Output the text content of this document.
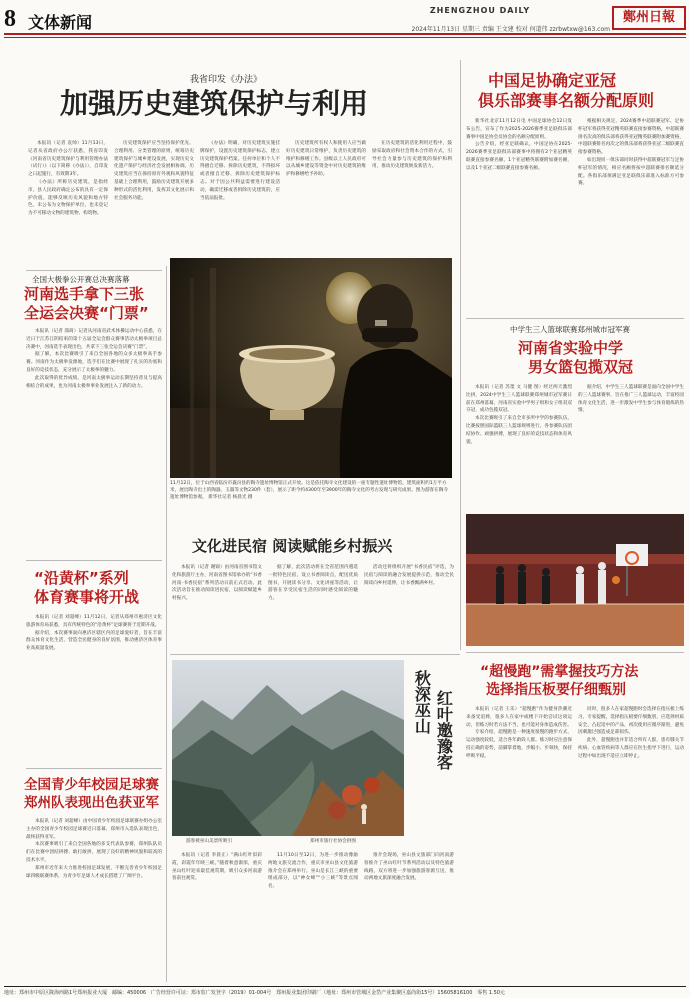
8 文体新闻
ZHENGZHOU DAILY	鄭州日報
2024年11月13日 星期三 责编 王文建 校对 何道伟 zzrbwtxw@163.com
我省印发《办法》
加强历史建筑保护与利用

本报讯（记者 袁帅）11月13日，记者从省政府办公厅获悉，我省印发《河南省历史建筑保护与利用管理办法（试行）》（以下简称《办法》），自印发之日起施行，有效期3年。

《办法》所称历史建筑，是指经市、县人民政府确定公布的具有一定保护价值，能够反映历史风貌和地方特色，未公布为文物保护单位，也未登记为不可移动文物的建筑物、构筑物。

历史建筑保护应当坚持保护优先、合理利用、分类管理的原则，统筹历史建筑保护与城乡建设发展，实现历史文化遗产保护与经济社会发展相协调。历史建筑应当在保持原有外观和风貌特征基础上合理利用，鼓励历史建筑开展多种形式的活化利用，发挥其文化展示和社会服务功能。

《办法》明确，对历史建筑实施挂牌保护，设置历史建筑保护标志，建立历史建筑保护档案。任何单位和个人不得擅自迁移、拆除历史建筑，不得损坏或者擅自迁移、拆除历史建筑保护标志。对于因公共利益需要进行建设活动，确需迁移或者拆除历史建筑的，应当依法报批。

历史建筑所有权人和使用人应当做好历史建筑日常维护，负责历史建筑的维护和修缮工作。县级以上人民政府可以从城乡建设等资金中对历史建筑的维护和修缮给予补助。

在历史建筑的活化利用过程中，鼓励采取政府和社会资本合作的方式，引导社会力量参与历史建筑的保护和利用，推动历史建筑焕发新活力。

11月12日，位于山西省临汾市襄汾县的陶寺遗址博物馆正式开放。这是依托陶寺文化建设的一座专题性遗址博物馆，建筑面积约1万平方米，展出陶寺出土的陶器、玉器等文物230件（套），展示了距今约4300年至3900年的陶寺文化的考古发现与研究成果。图为游客在陶寺遗址博物馆参观。 新华社记者 杨晨光 摄
全国大极拳公开赛总决赛落幕
河南选手拿下三张
全运会决赛“门票”

本报讯（记者 邵商）记者从河南省武术体操运动中心获悉，在近日于江苏江阴结束的第十五届全运会群众赛事活动太极拳项目总决赛中，河南选手表现出色，共拿下三张全运会决赛“门票”。

据了解，本次比赛吸引了来自全国各地的众多太极拳高手参赛。河南作为太极拳发源地，选手们在比赛中展现了扎实的功底和良好的竞技状态，充分展示了太极拳的魅力。

此次取得的优异成绩，是河南太极拳运动长期坚持普及与提高相结合的成果，也为河南太极拳事业发展注入了新的动力。

“沿黄杯”系列
体育赛事将开战

本报讯（记者 刘超峰）11月12日，记者从郑州市惠济区文化旅游体育局获悉，具有传统特色的“沿黄杯”足球赛将于近期开战。

据介绍，本次赛事面向惠济区辖区内的足球爱好者，旨在丰富群众体育文化生活，营造全民健身的良好氛围，推动惠济区体育事业高质量发展。

全国青少年校园足球赛
郑州队表现出色获亚军

本报讯（记者 刘超峰）由中国青少年校园足球联赛办组办公室主办的全国青少年校园足球赛近日落幕，郑州市入选队表现出色，最终获得亚军。

本次赛事吸引了来自全国各地的多支代表队参赛，郑州队队员们在比赛中团结拼搏、敢打敢拼，展现了良好的精神风貌和较高的技术水平。

郑州市近年来大力推进校园足球发展，不断完善青少年校园足球四级联赛体系，为青少年足球人才成长搭建了广阔平台。

文化进民宿 阅读赋能乡村振兴

本报讯（记者 谢锦）由河南省图书馆文化和旅游厅主办，河南省图书馆承办的“书香河南·书香民宿”系列活动日前正式启动。此次活动旨在推动阅读进民宿，以阅读赋能乡村振兴。

据了解，此次活动将在全省范围内遴选一批特色民宿，设立书香阅读点，配送优质图书，开展读书分享、文化讲座等活动，让游客在享受民宿生活的同时感受阅读的魅力。

活动还将组织开展“书香民宿”评选，为民宿与阅读的融合发展提供示范，推动全民阅读向乡村延伸，让书香飘满乡村。

游客被巫山美景所吸引	郑州市旅行社协会供图
秋深巫山 红叶邀豫客

本报讯（记者 李晨正）“满山红叶似彩霞，彩霞年年映三峡。”随着秋意渐浓，重庆巫山红叶迎来最佳观赏期，吸引众多河南游客前往观赏。

11月10日至12日，为进一步推动豫渝两地文旅交流合作，重庆市巫山县文化旅游推介会在郑州举行。巫山是长江三峡的重要组成部分，以“神女峰”“小三峡”等景点闻名。

推介会现场，巫山县文旅部门向河南游客推介了巫山红叶节系列活动以及特色旅游线路，双方将进一步加强旅游客源互送，推动两地文旅深度融合发展。

中国足协确定亚冠
俱乐部赛事名额分配原则

新华社北京11月12日电 中国足球协会12日发布公告，宣布了作为2025-2026赛季亚足联俱乐部赛事中国足协会员协会的名额分配原则。

公告介绍，经亚足联确认，中国足协在2025-2026赛季亚足联俱乐部赛事中将拥有2个亚冠精英联赛直接参赛名额、1个亚冠精英联赛附加赛名额，以及1个亚冠二级联赛直接参赛名额。

根据相关规定，2024赛季中超联赛冠军、足协杯冠军将获得亚冠精英联赛直接参赛资格，中超联赛排名次高的俱乐部将获得亚冠精英联赛附加赛资格，中超联赛排名再次之的俱乐部将获得亚冠二级联赛直接参赛资格。

如出现同一俱乐部同时获得中超联赛冠军与足协杯冠军的情况，相应名额将按中超联赛排名顺延分配。各俱乐部须满足亚足联俱乐部准入标准方可参赛。

中学生三人篮球联赛郑州城市冠军赛
河南省实验中学
男女篮包揽双冠

本报讯（记者 苏墨 文 马健 图）经过两天激烈比拼，2024中学生三人篮球联赛郑州城市冠军赛日前在郑州落幕，河南省实验中学男子组和女子组双双夺冠，成功包揽双冠。

本次比赛吸引了来自全市多所中学的参赛队伍，比赛按照国际篮联三人篮球规则进行。各参赛队伍团结协作、顽强拼搏，展现了良好的竞技状态和体育风貌。

据介绍，中学生三人篮球联赛是面向全国中学生的三人篮球赛事，旨在推广三人篮球运动，丰富校园体育文化生活，进一步激发中学生参与体育锻炼的热情。

“超慢跑”需掌握技巧方法
选择指压板要仔细甄别

本报讯（记者 王乐）“超慢跑”作为健身热潮近来备受追捧，很多人在家中或楼下开始尝试这项运动，但练习时若方法不当，也可能对身体造成伤害。

专家介绍，超慢跑是一种速度很慢的跑步方式，运动强度较低，适合各年龄段人群。练习时应注意保持正确的姿势，前脚掌着地，步幅小、步频快，保持呼吸平稳。

同时，很多人在家超慢跑时会选择在指压板上练习，专家提醒，选择指压板要仔细甄别，应选择材质安全、凸起适中的产品，初次使用应循序渐进，避免因刺激过强造成足部损伤。

此外，超慢跑也并非适合所有人群，患有膝关节疾病、心血管疾病等人群应在医生指导下进行，运动过程中如出现不适应立即停止。

地址：郑州市中原区陇海西路1号郑州报业大厦 邮编：450006 广告经营许可证：郑市监广发登字（2019）01-004号 郑州报业集团印刷厂（地址：郑州市管城区金岱产业集聚区嘉尚街15号）15605816100 零售 1.50元
